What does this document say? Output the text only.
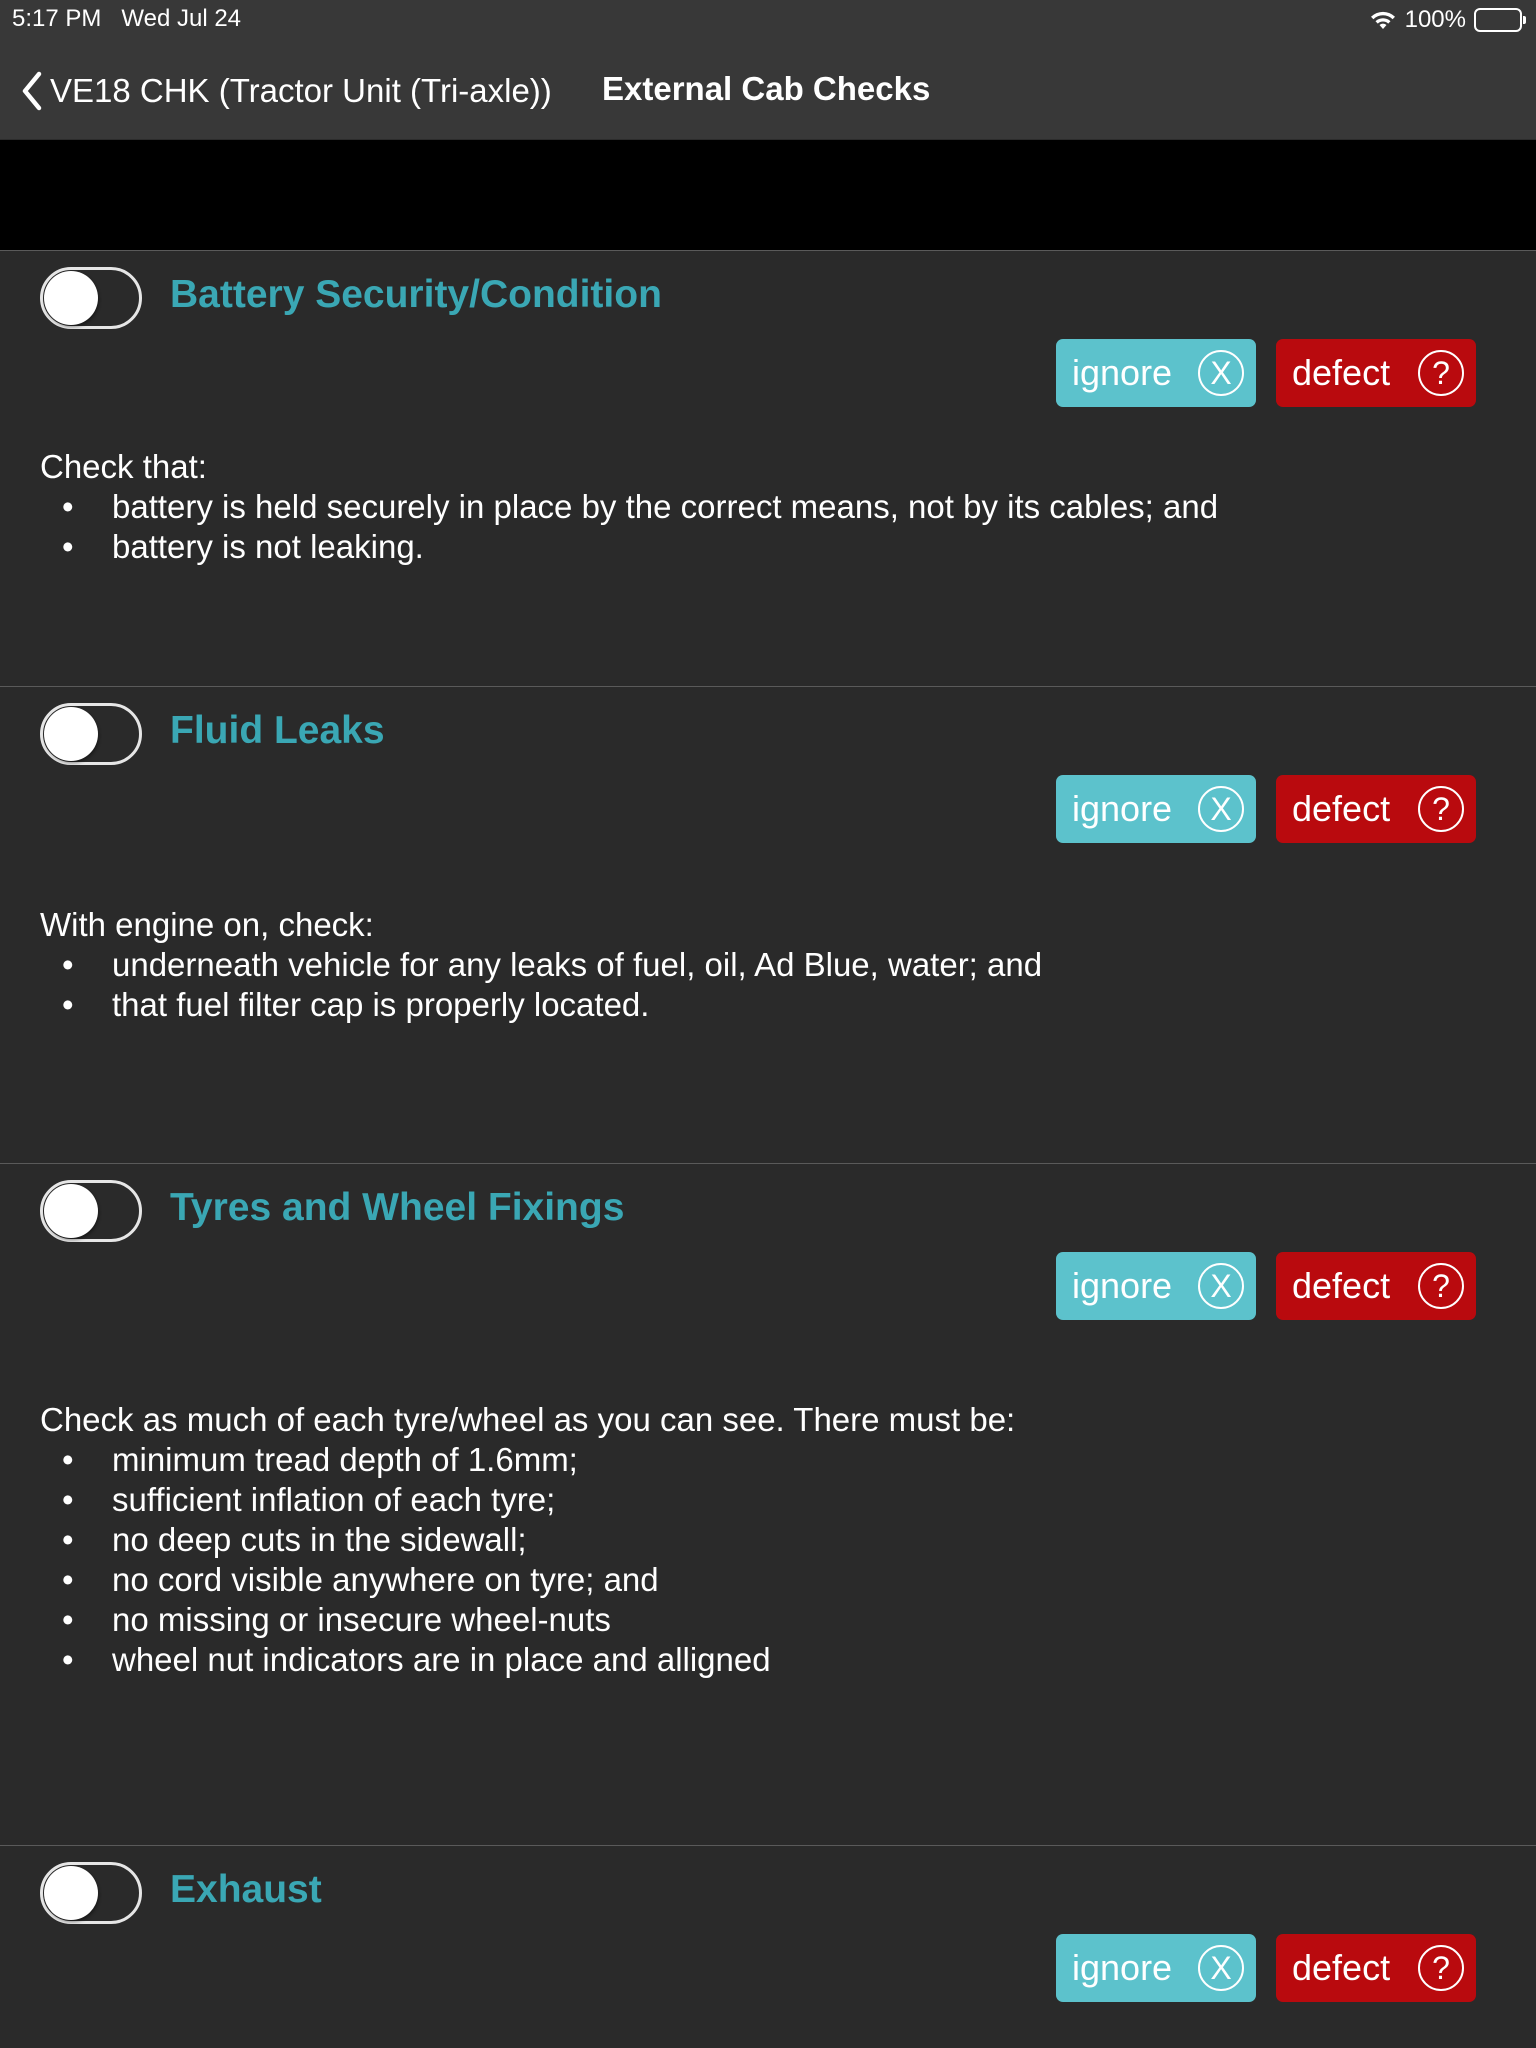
5:17 PM Wed Jul 24	100%
VE18 CHK (Tractor Unit (Tri-axle)) External Cab Checks
Battery Security/Condition
ignore	X	defect	?
Check that:
• battery is held securely in place by the correct means, not by its cables; and
• battery is not leaking.
Fluid Leaks
ignore	X	defect	?
With engine on, check:
• underneath vehicle for any leaks of fuel, oil, Ad Blue, water; and
• that fuel filter cap is properly located.
Tyres and Wheel Fixings
ignore	X	defect	?
Check as much of each tyre/wheel as you can see. There must be:
• minimum tread depth of 1.6mm;
• sufficient inflation of each tyre;
• no deep cuts in the sidewall;
• no cord visible anywhere on tyre; and
• no missing or insecure wheel-nuts
• wheel nut indicators are in place and alligned
Exhaust
ignore	X	defect	?
